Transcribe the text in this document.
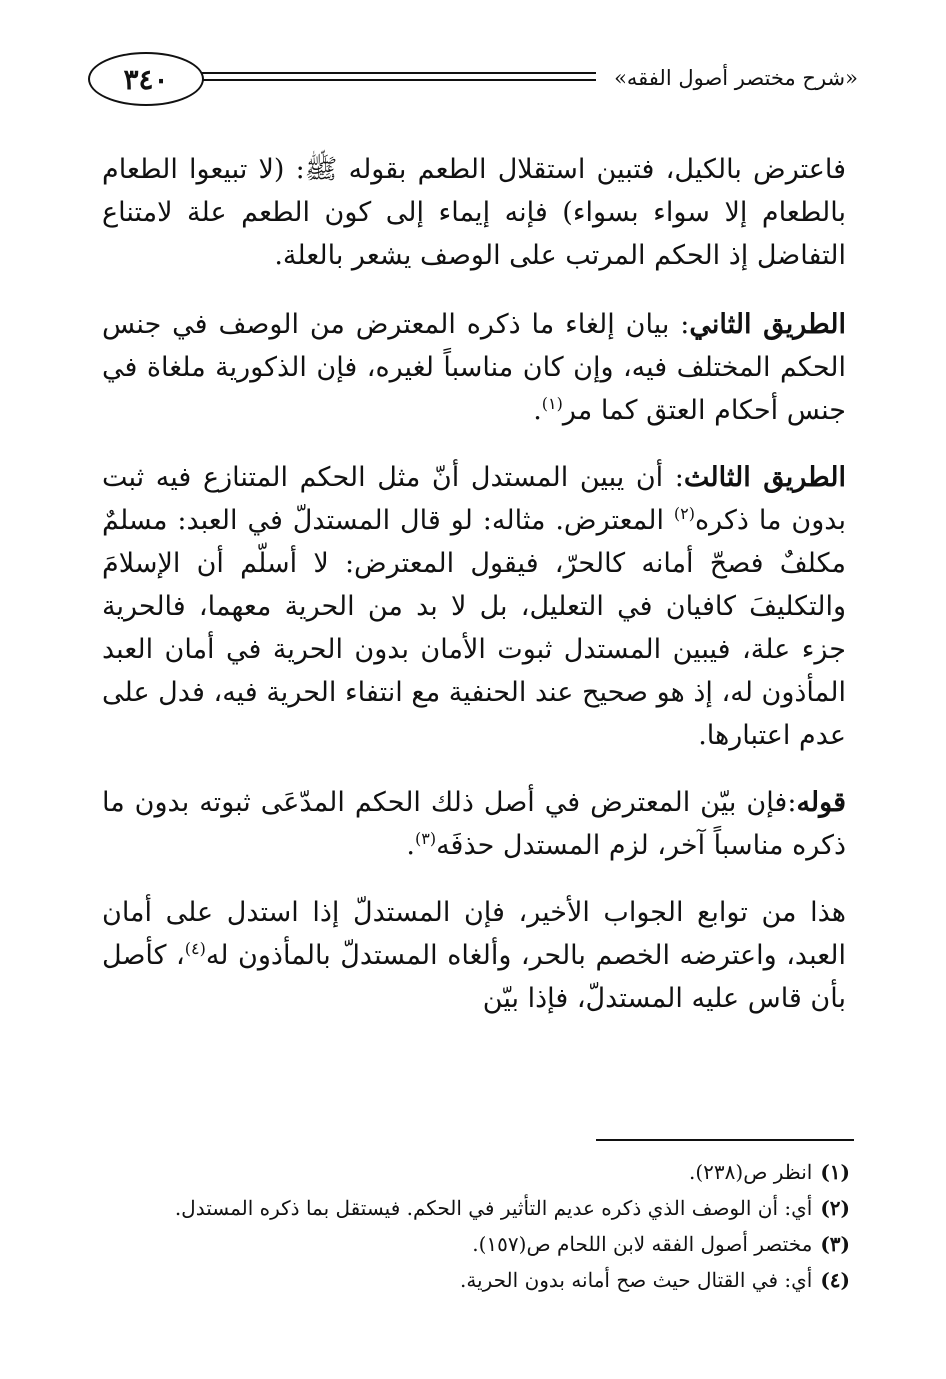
٣٤٠	«شرح مختصر أصول الفقه»

فاعترض بالكيل، فتبين استقلال الطعم بقوله ﷺ: (لا تبيعوا الطعام بالطعام إلا سواء بسواء) فإنه إيماء إلى كون الطعم علة لامتناع التفاضل إذ الحكم المرتب على الوصف يشعر بالعلة.

الطريق الثاني: بيان إلغاء ما ذكره المعترض من الوصف في جنس الحكم المختلف فيه، وإن كان مناسباً لغيره، فإن الذكورية ملغاة في جنس أحكام العتق كما مر$^{(١)}$.

الطريق الثالث: أن يبين المستدل أنّ مثل الحكم المتنازع فيه ثبت بدون ما ذكره$^{(٢)}$ المعترض. مثاله: لو قال المستدلّ في العبد: مسلمٌ مكلفٌ فصحّ أمانه كالحرّ، فيقول المعترض: لا أسلّم أن الإسلامَ والتكليفَ كافيان في التعليل، بل لا بد من الحرية معهما، فالحرية جزء علة، فيبين المستدل ثبوت الأمان بدون الحرية في أمان العبد المأذون له، إذ هو صحيح عند الحنفية مع انتفاء الحرية فيه، فدل على عدم اعتبارها.

قوله:فإن بيّن المعترض في أصل ذلك الحكم المدّعَى ثبوته بدون ما ذكره مناسباً آخر، لزم المستدل حذفَه$^{(٣)}$.

هذا من توابع الجواب الأخير، فإن المستدلّ إذا استدل على أمان العبد، واعترضه الخصم بالحر، وألغاه المستدلّ بالمأذون له$^{(٤)}$، كأصل بأن قاس عليه المستدلّ، فإذا بيّن

(١)انظر ص(٢٣٨).
(٢)أي: أن الوصف الذي ذكره عديم التأثير في الحكم. فيستقل بما ذكره المستدل.
(٣)مختصر أصول الفقه لابن اللحام ص(١٥٧).
(٤)أي: في القتال حيث صح أمانه بدون الحرية.
